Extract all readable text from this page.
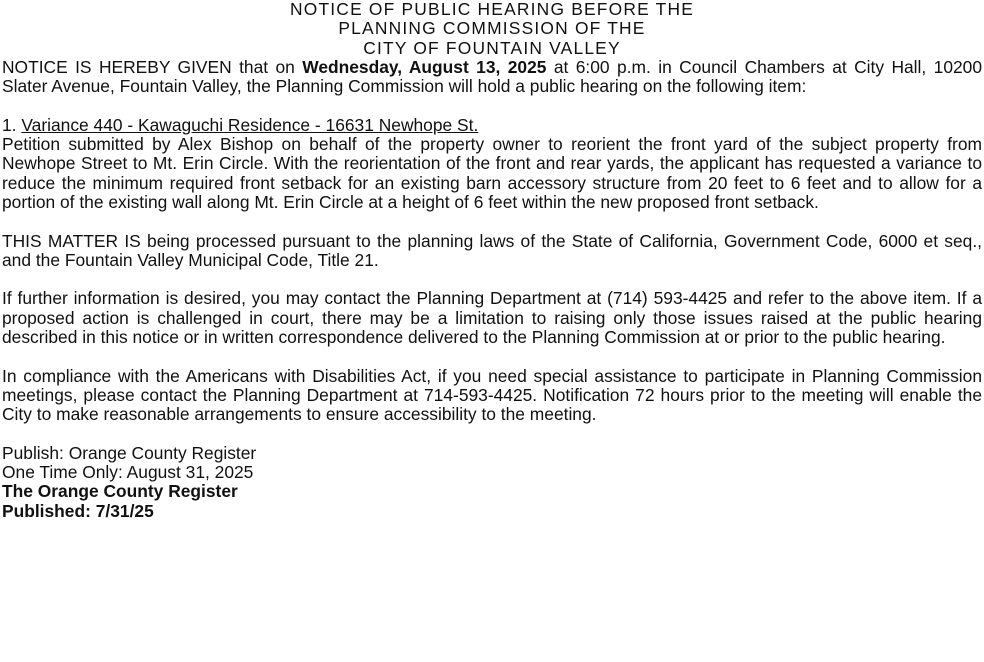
NOTICE OF PUBLIC HEARING BEFORE THE

PLANNING COMMISSION OF THE

CITY OF FOUNTAIN VALLEY

NOTICE IS HEREBY GIVEN that on Wednesday, August 13, 2025 at 6:00 p.m. in Council Chambers at City Hall, 10200 Slater Avenue, Fountain Valley, the Planning Commission will hold a public hearing on the following item:

1. Variance 440 - Kawaguchi Residence - 16631 Newhope St.

Petition submitted by Alex Bishop on behalf of the property owner to reorient the front yard of the subject property from Newhope Street to Mt. Erin Circle. With the reorientation of the front and rear yards, the applicant has requested a variance to reduce the minimum required front setback for an existing barn accessory structure from 20 feet to 6 feet and to allow for a portion of the existing wall along Mt. Erin Circle at a height of 6 feet within the new proposed front setback.

THIS MATTER IS being processed pursuant to the planning laws of the State of California, Government Code, 6000 et seq., and the Fountain Valley Municipal Code, Title 21.

If further information is desired, you may contact the Planning Department at (714) 593-4425 and refer to the above item. If a proposed action is challenged in court, there may be a limitation to raising only those issues raised at the public hearing described in this notice or in written correspondence delivered to the Planning Commission at or prior to the public hearing.

In compliance with the Americans with Disabilities Act, if you need special assistance to participate in Planning Commission meetings, please contact the Planning Department at 714-593-4425. Notification 72 hours prior to the meeting will enable the City to make reasonable arrangements to ensure accessibility to the meeting.

Publish: Orange County Register

One Time Only: August 31, 2025

The Orange County Register

Published: 7/31/25
